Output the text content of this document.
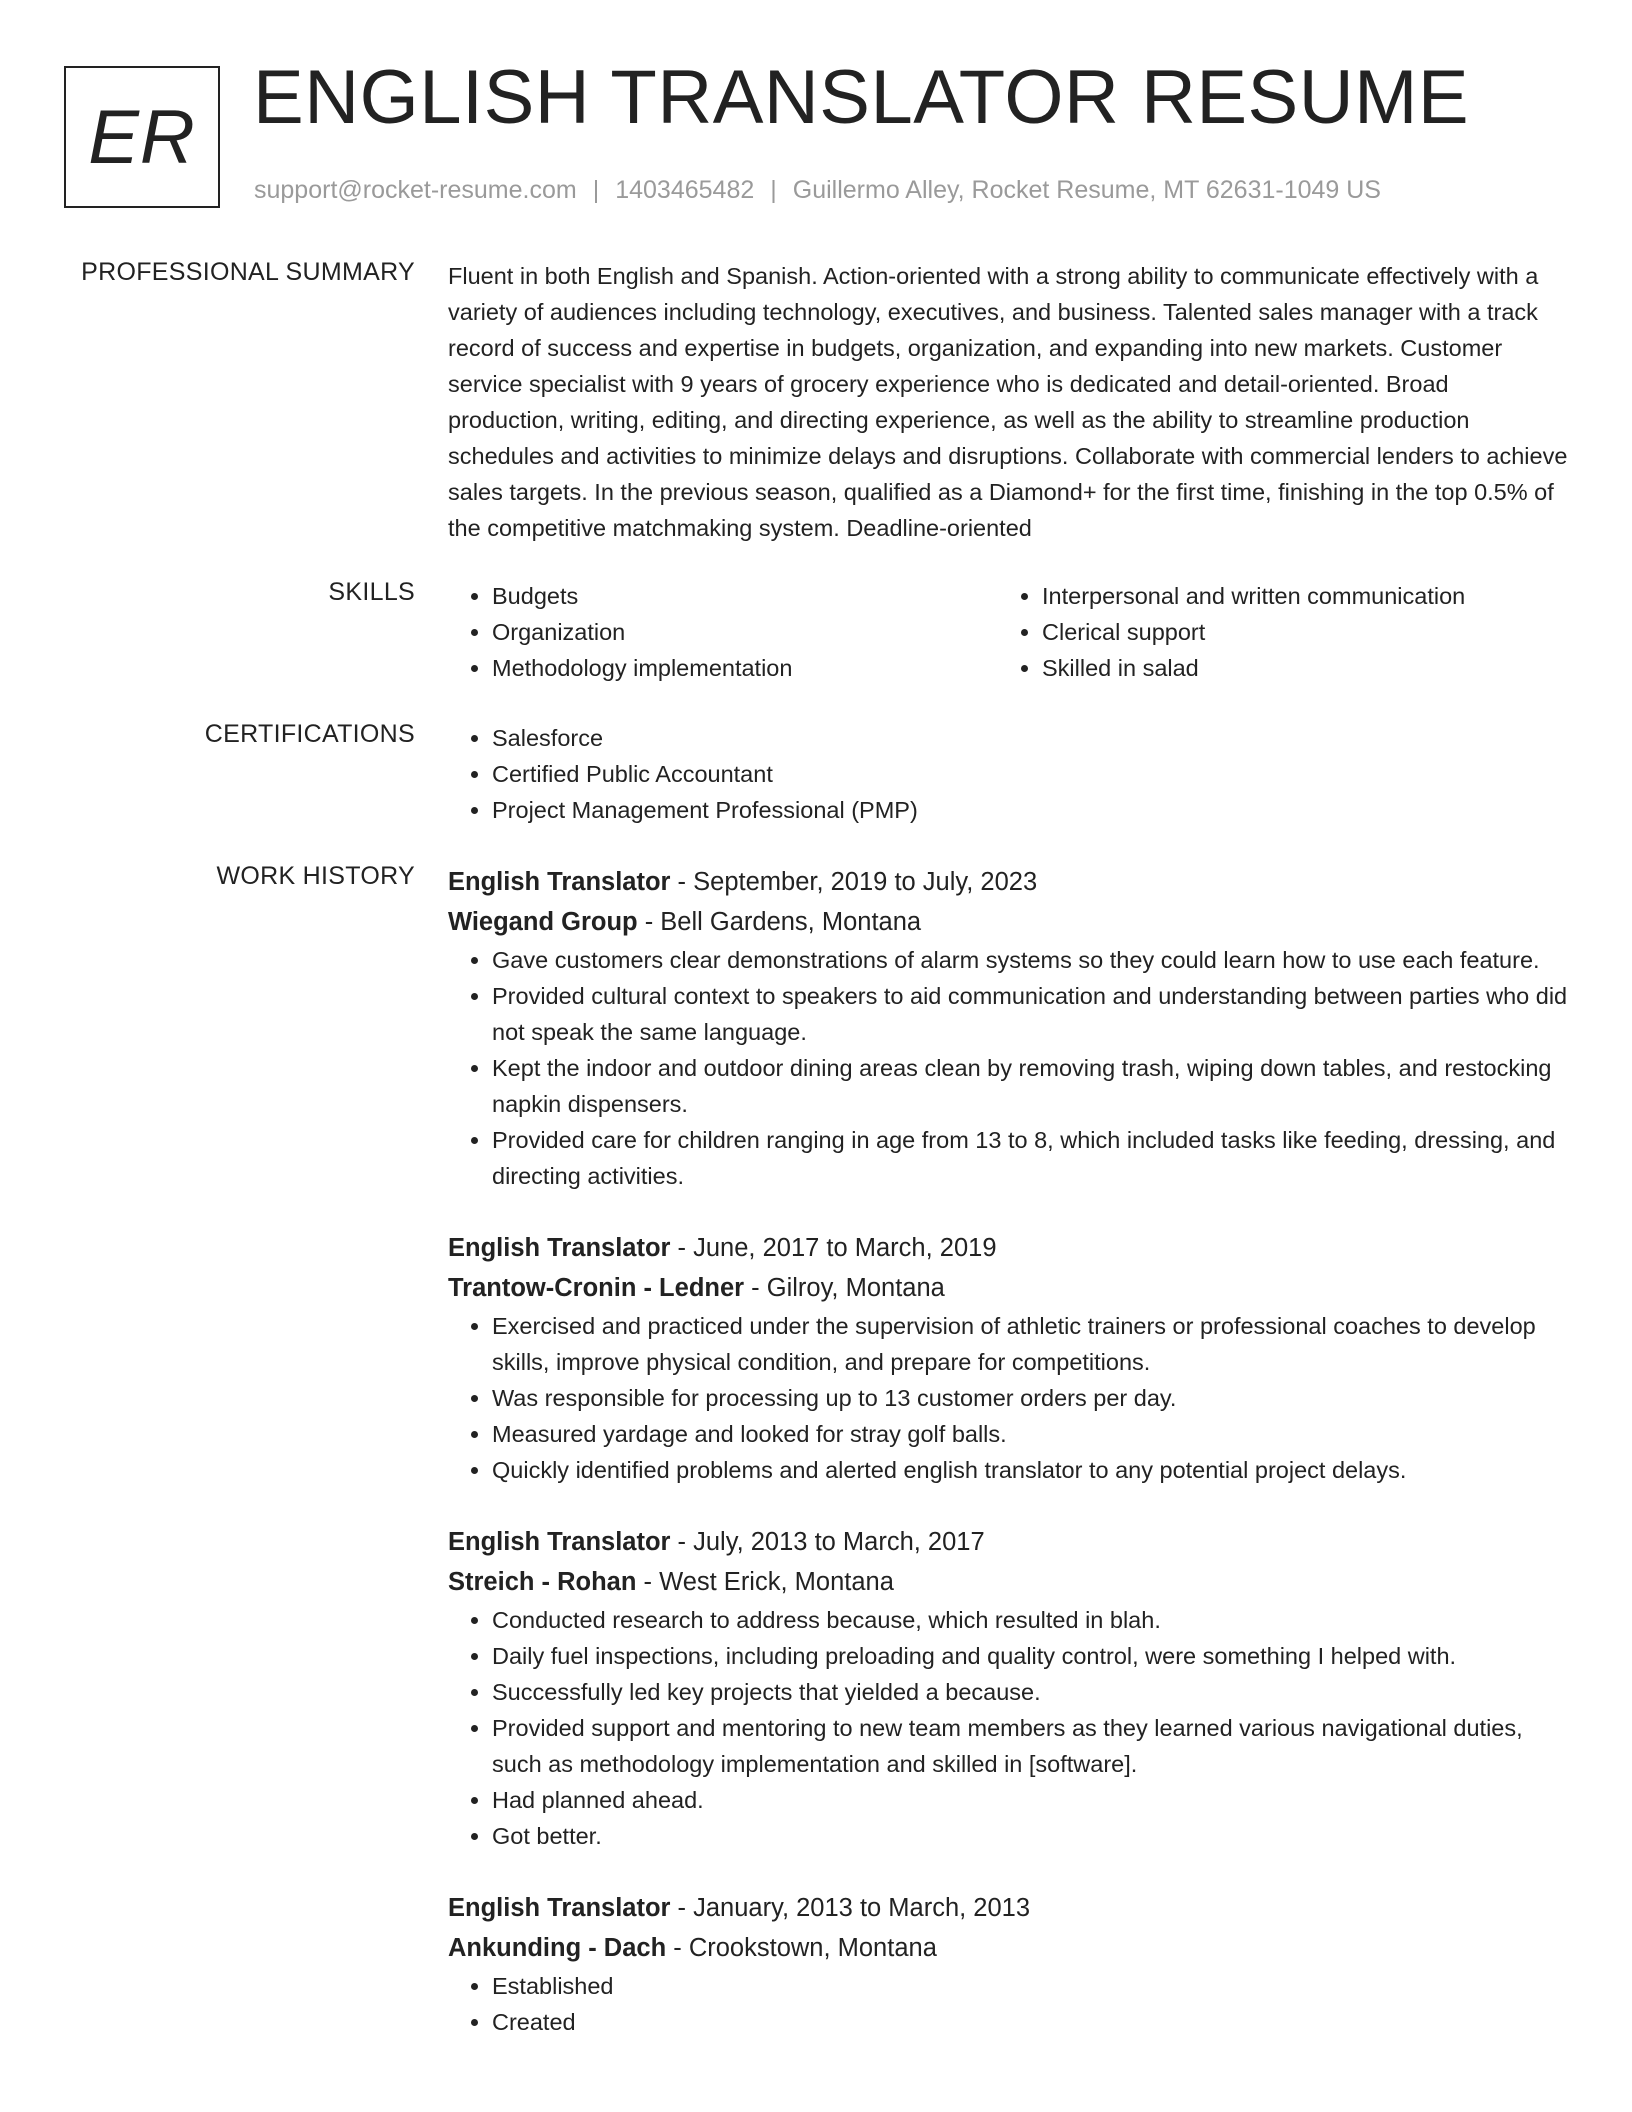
ER ENGLISH TRANSLATOR RESUME
support@rocket-resume.com | 1403465482 | Guillermo Alley, Rocket Resume, MT 62631-1049 US
PROFESSIONAL SUMMARY Fluent in both English and Spanish. Action-oriented with a strong ability to communicate effectively with a variety of audiences including technology, executives, and business. Talented sales manager with a track record of success and expertise in budgets, organization, and expanding into new markets. Customer service specialist with 9 years of grocery experience who is dedicated and detail-oriented. Broad production, writing, editing, and directing experience, as well as the ability to streamline production schedules and activities to minimize delays and disruptions. Collaborate with commercial lenders to achieve sales targets. In the previous season, qualified as a Diamond+ for the first time, finishing in the top 0.5% of the competitive matchmaking system. Deadline-oriented

SKILLS	• Budgets
• Organization
• Methodology implementation
• Interpersonal and written communication
• Clerical support
• Skilled in salad
CERTIFICATIONS	• Salesforce
• Certified Public Accountant
• Project Management Professional (PMP)
WORK HISTORY English Translator - September, 2019 to July, 2023
Wiegand Group - Bell Gardens, Montana
• Gave customers clear demonstrations of alarm systems so they could learn how to use each feature.
• Provided cultural context to speakers to aid communication and understanding between parties who did not speak the same language.
• Kept the indoor and outdoor dining areas clean by removing trash, wiping down tables, and restocking napkin dispensers.
• Provided care for children ranging in age from 13 to 8, which included tasks like feeding, dressing, and directing activities.
English Translator - June, 2017 to March, 2019
Trantow-Cronin - Ledner - Gilroy, Montana
• Exercised and practiced under the supervision of athletic trainers or professional coaches to develop skills, improve physical condition, and prepare for competitions.
• Was responsible for processing up to 13 customer orders per day.
• Measured yardage and looked for stray golf balls.
• Quickly identified problems and alerted english translator to any potential project delays.
English Translator - July, 2013 to March, 2017
Streich - Rohan - West Erick, Montana
• Conducted research to address because, which resulted in blah.
• Daily fuel inspections, including preloading and quality control, were something I helped with.
• Successfully led key projects that yielded a because.
• Provided support and mentoring to new team members as they learned various navigational duties, such as methodology implementation and skilled in [software].
• Had planned ahead.
• Got better.
English Translator - January, 2013 to March, 2013
Ankunding - Dach - Crookstown, Montana
• Established
• Created
